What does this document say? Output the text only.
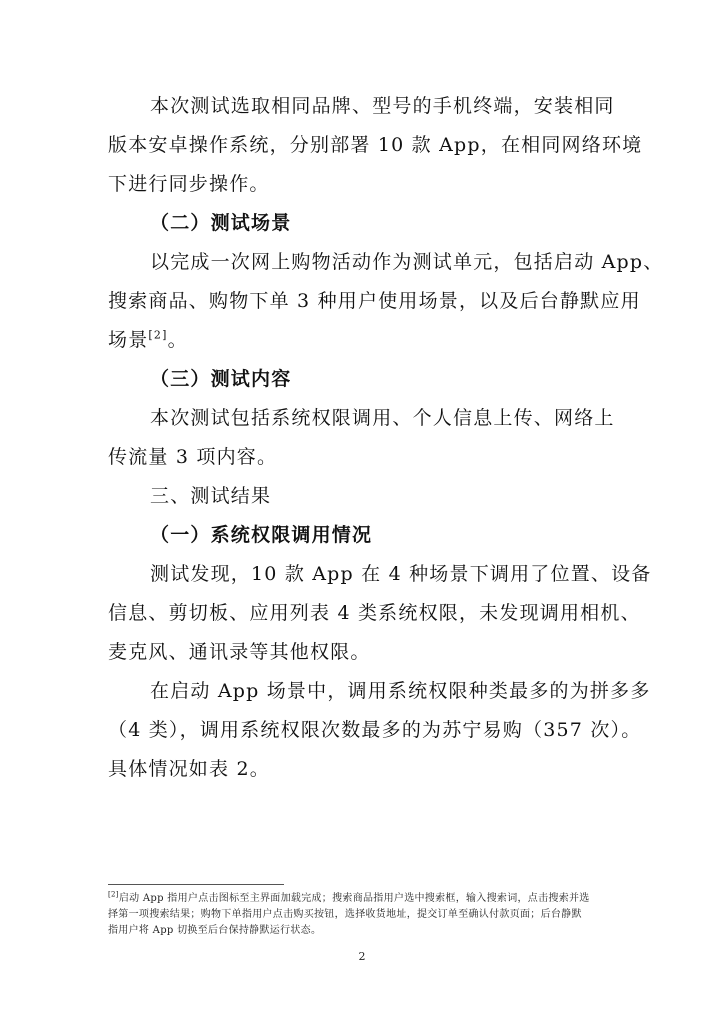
本次测试选取相同品牌、型号的手机终端，安装相同
版本安卓操作系统，分别部署 10 款 App，在相同网络环境
下进行同步操作。
（二）测试场景
以完成一次网上购物活动作为测试单元，包括启动 App、
搜索商品、购物下单 3 种用户使用场景，以及后台静默应用
场景[2]。
（三）测试内容
本次测试包括系统权限调用、个人信息上传、网络上
传流量 3 项内容。
三、测试结果
（一）系统权限调用情况
测试发现，10 款 App 在 4 种场景下调用了位置、设备
信息、剪切板、应用列表 4 类系统权限，未发现调用相机、
麦克风、通讯录等其他权限。
在启动 App 场景中，调用系统权限种类最多的为拼多多
（4 类），调用系统权限次数最多的为苏宁易购（357 次）。
具体情况如表 2。
[2]启动 App 指用户点击图标至主界面加载完成；搜索商品指用户选中搜索框，输入搜索词，点击搜索并选
择第一项搜索结果；购物下单指用户点击购买按钮，选择收货地址，提交订单至确认付款页面；后台静默
指用户将 App 切换至后台保持静默运行状态。
2
